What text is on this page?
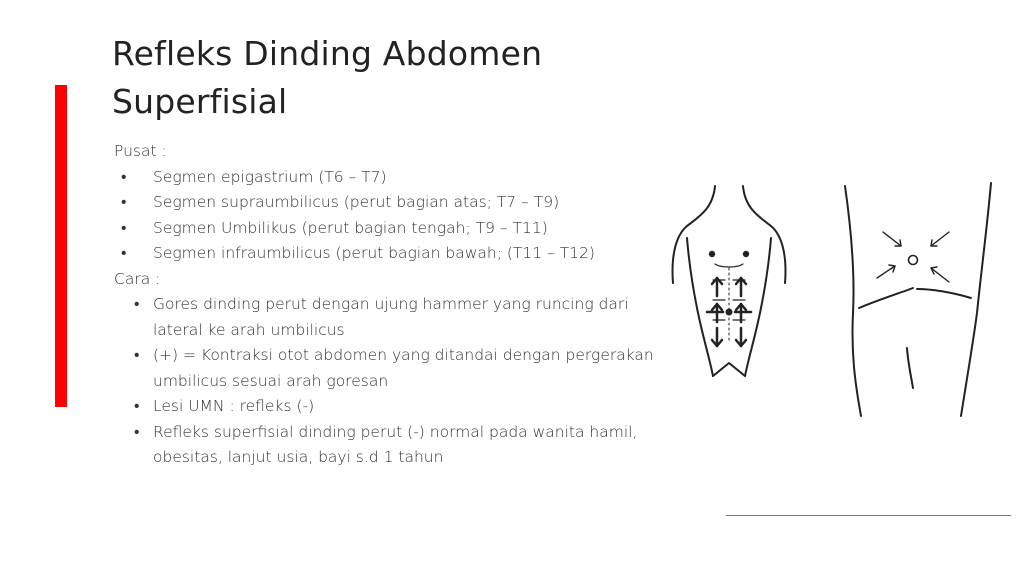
Refleks Dinding Abdomen
Superfisial
Pusat :
• Segmen epigastrium (T6 – T7)
• Segmen supraumbilicus (perut bagian atas; T7 – T9)
• Segmen Umbilikus (perut bagian tengah; T9 – T11)
• Segmen infraumbilicus (perut bagian bawah; (T11 – T12)
Cara :
• Gores dinding perut dengan ujung hammer yang runcing dari lateral ke arah umbilicus
• (+) = Kontraksi otot abdomen yang ditandai dengan pergerakan umbilicus sesuai arah goresan
• Lesi UMN : refleks (-)
• Refleks superfisial dinding perut (-) normal pada wanita hamil, obesitas, lanjut usia, bayi s.d 1 tahun
